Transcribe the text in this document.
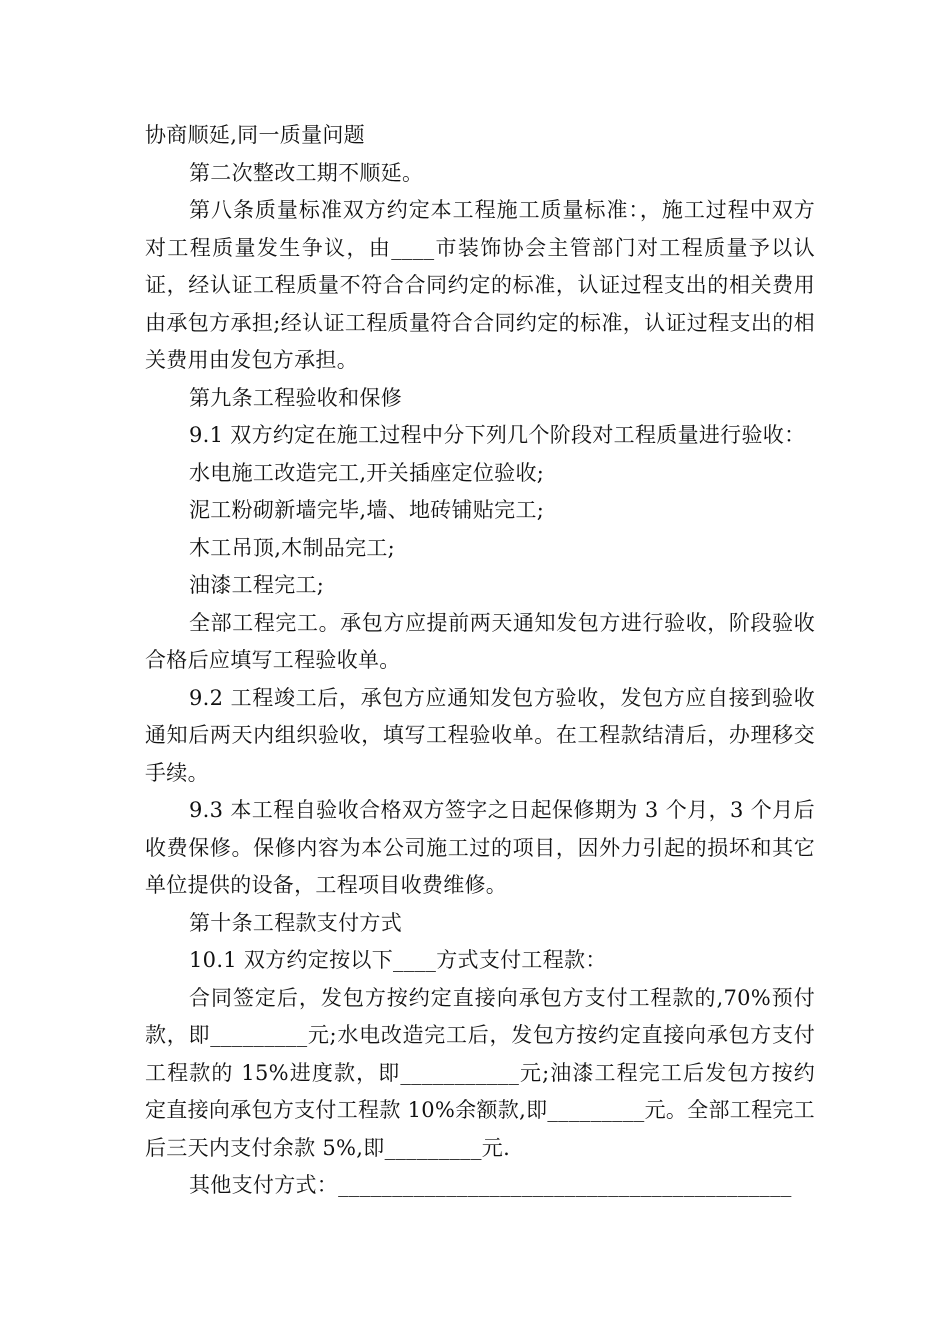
协商顺延,同一质量问题

第二次整改工期不顺延。

第八条质量标准双方约定本工程施工质量标准：，施工过程中双方对工程质量发生争议，由____市装饰协会主管部门对工程质量予以认证，经认证工程质量不符合合同约定的标准，认证过程支出的相关费用由承包方承担;经认证工程质量符合合同约定的标准，认证过程支出的相关费用由发包方承担。

第九条工程验收和保修

9.1 双方约定在施工过程中分下列几个阶段对工程质量进行验收：

水电施工改造完工,开关插座定位验收;

泥工粉砌新墙完毕,墙、地砖铺贴完工;

木工吊顶,木制品完工;

油漆工程完工;

全部工程完工。承包方应提前两天通知发包方进行验收，阶段验收合格后应填写工程验收单。

9.2 工程竣工后，承包方应通知发包方验收，发包方应自接到验收通知后两天内组织验收，填写工程验收单。在工程款结清后，办理移交手续。

9.3 本工程自验收合格双方签字之日起保修期为 3 个月，3 个月后收费保修。保修内容为本公司施工过的项目，因外力引起的损坏和其它单位提供的设备，工程项目收费维修。

第十条工程款支付方式

10.1 双方约定按以下____方式支付工程款：

合同签定后，发包方按约定直接向承包方支付工程款的,70%预付款，即_________元;水电改造完工后，发包方按约定直接向承包方支付工程款的 15%进度款，即___________元;油漆工程完工后发包方按约定直接向承包方支付工程款 10%余额款,即_________元。全部工程完工后三天内支付余款 5%,即_________元.

其他支付方式：__________________________________________
